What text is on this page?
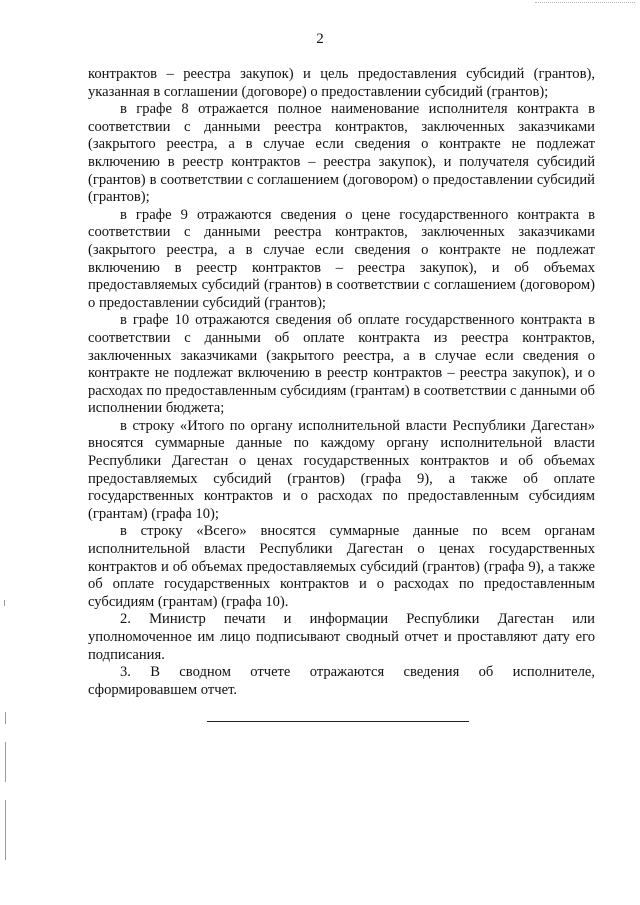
2

контрактов – реестра закупок) и цель предоставления субсидий (грантов), указанная в соглашении (договоре) о предоставлении субсидий (грантов);

в графе 8 отражается полное наименование исполнителя контракта в соответствии с данными реестра контрактов, заключенных заказчиками (закрытого реестра, а в случае если сведения о контракте не подлежат включению в реестр контрактов – реестра закупок), и получателя субсидий (грантов) в соответствии с соглашением (договором) о предоставлении субсидий (грантов);

в графе 9 отражаются сведения о цене государственного контракта в соответствии с данными реестра контрактов, заключенных заказчиками (закрытого реестра, а в случае если сведения о контракте не подлежат включению в реестр контрактов – реестра закупок), и об объемах предоставляемых субсидий (грантов) в соответствии с соглашением (договором) о предоставлении субсидий (грантов);

в графе 10 отражаются сведения об оплате государственного контракта в соответствии с данными об оплате контракта из реестра контрактов, заключенных заказчиками (закрытого реестра, а в случае если сведения о контракте не подлежат включению в реестр контрактов – реестра закупок), и о расходах по предоставленным субсидиям (грантам) в соответствии с данными об исполнении бюджета;

в строку «Итого по органу исполнительной власти Республики Дагестан» вносятся суммарные данные по каждому органу исполнительной власти Республики Дагестан о ценах государственных контрактов и об объемах предоставляемых субсидий (грантов) (графа 9), а также об оплате государственных контрактов и о расходах по предоставленным субсидиям (грантам) (графа 10);

в строку «Всего» вносятся суммарные данные по всем органам исполнительной власти Республики Дагестан о ценах государственных контрактов и об объемах предоставляемых субсидий (грантов) (графа 9), а также об оплате государственных контрактов и о расходах по предоставленным субсидиям (грантам) (графа 10).

2. Министр печати и информации Республики Дагестан или уполномоченное им лицо подписывают сводный отчет и проставляют дату его подписания.

3. В сводном отчете отражаются сведения об исполнителе, сформировавшем отчет.
